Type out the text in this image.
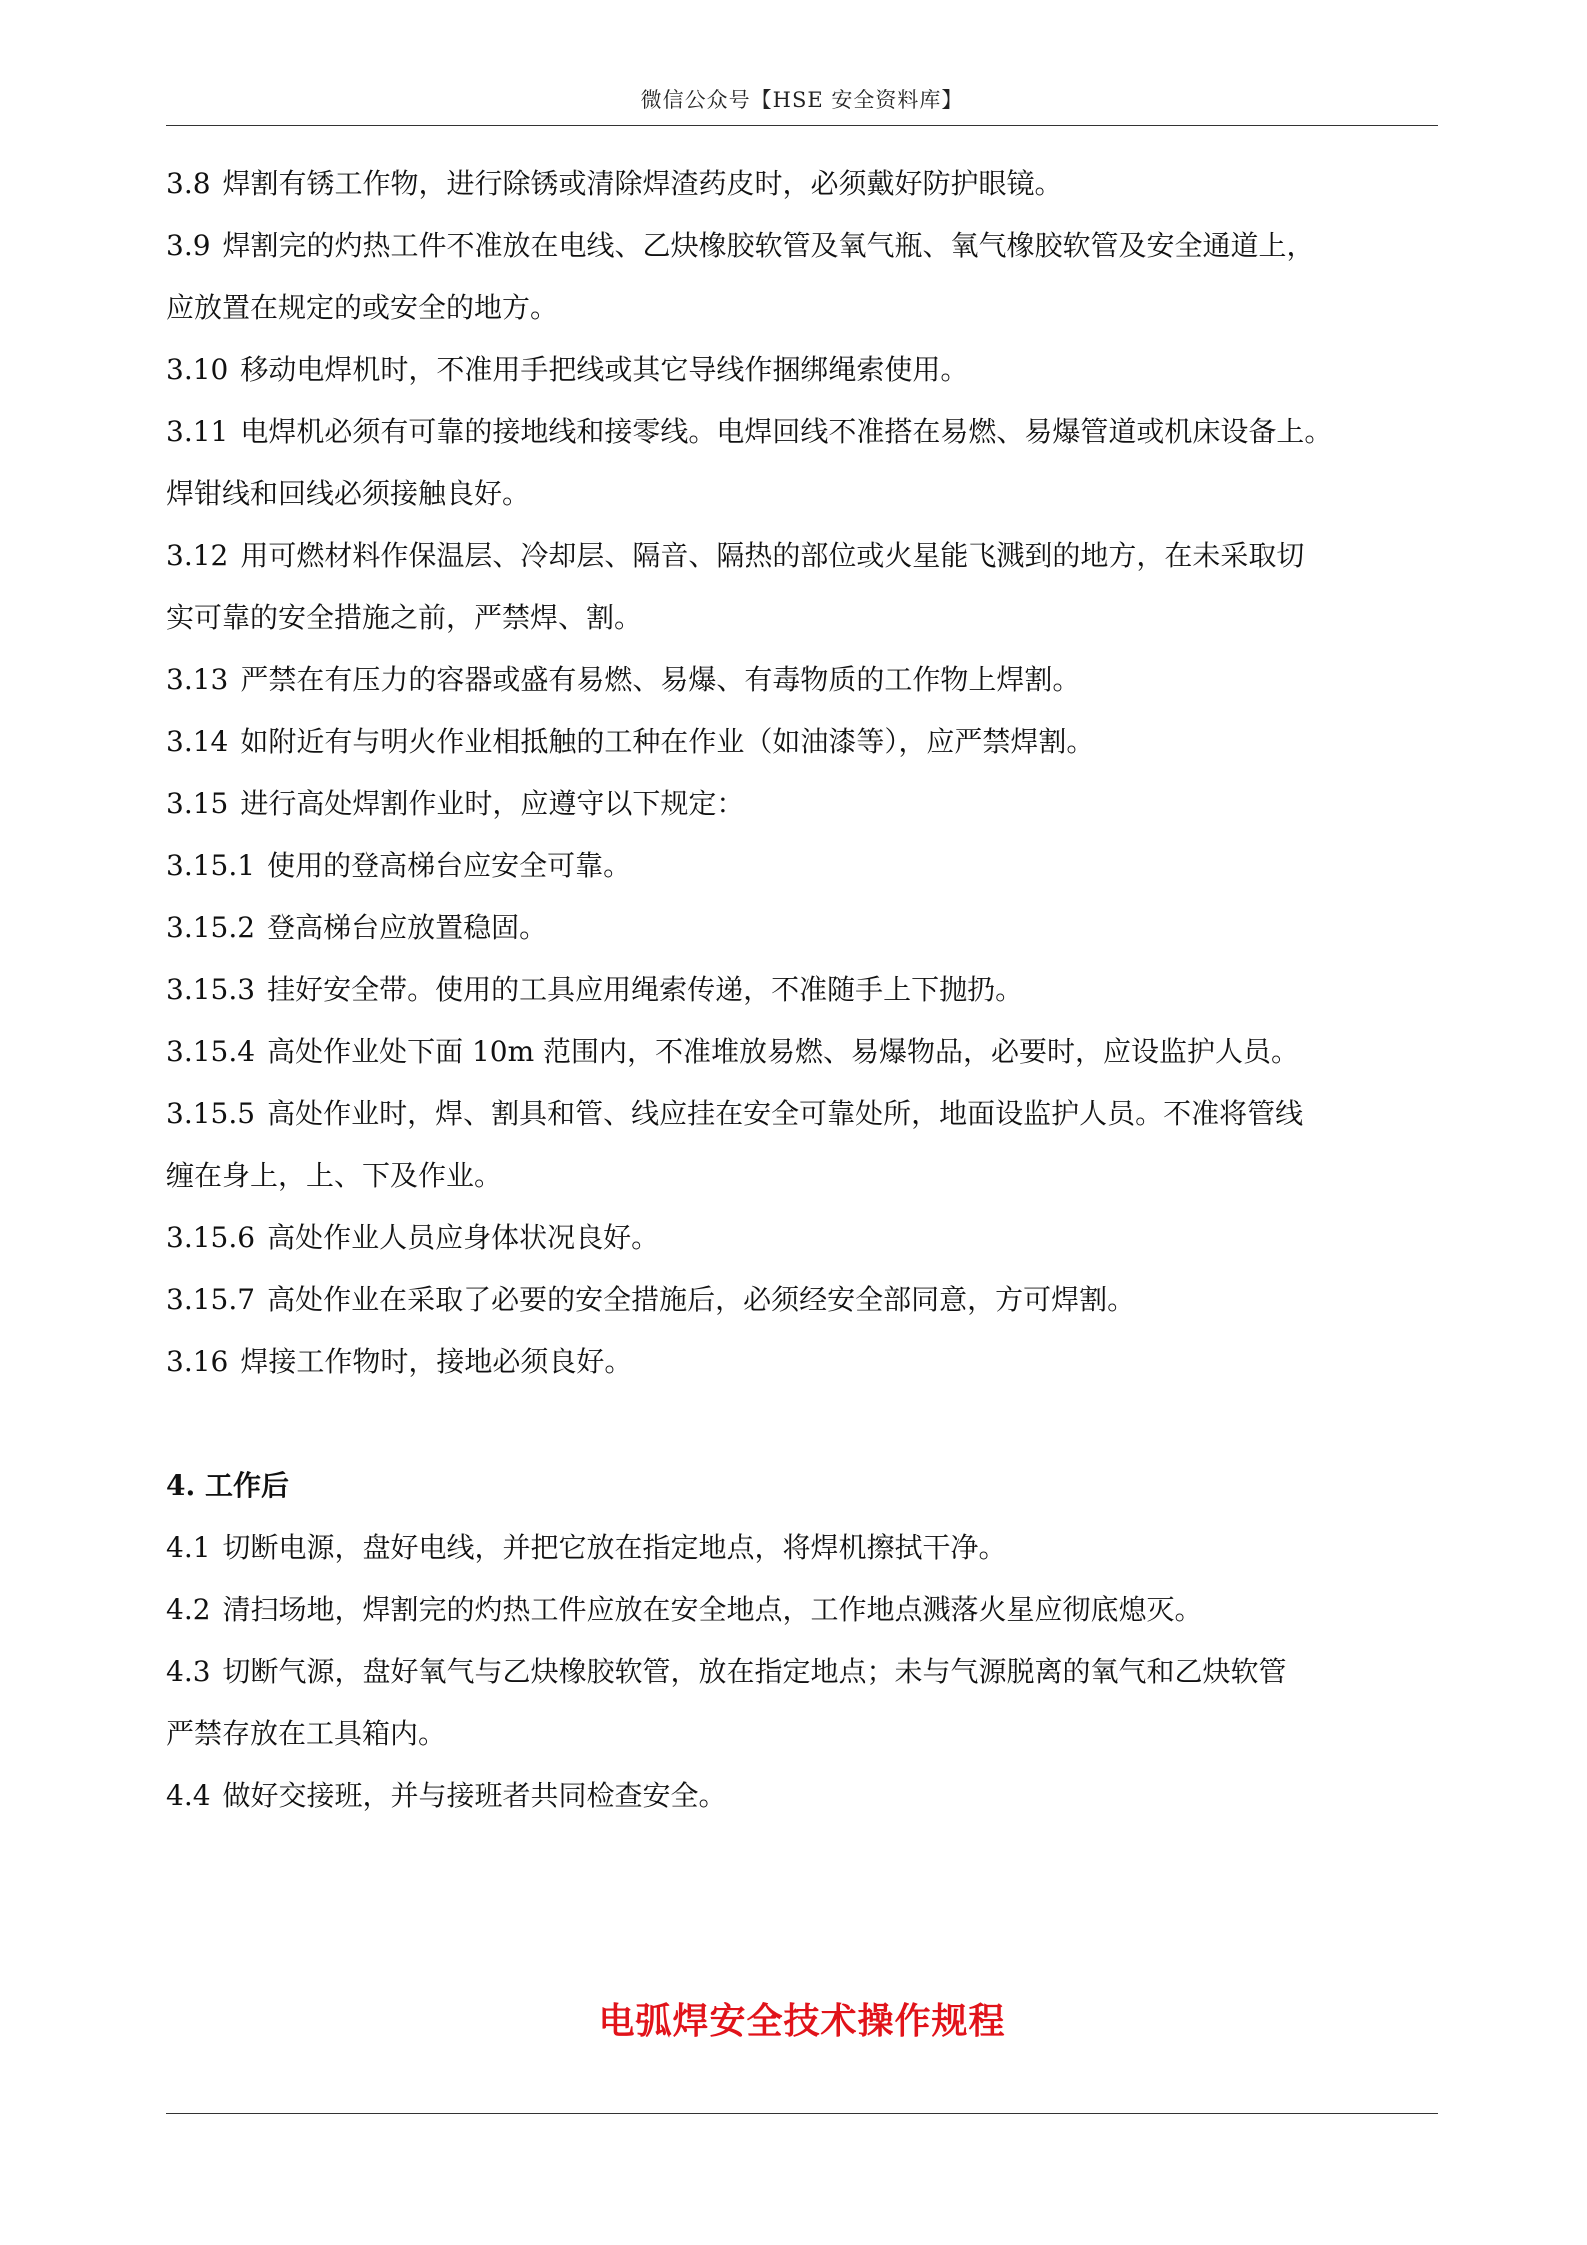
微信公众号【HSE 安全资料库】
3.8 焊割有锈工作物，进行除锈或清除焊渣药皮时，必须戴好防护眼镜。
3.9 焊割完的灼热工件不准放在电线、乙炔橡胶软管及氧气瓶、氧气橡胶软管及安全通道上，
应放置在规定的或安全的地方。
3.10 移动电焊机时，不准用手把线或其它导线作捆绑绳索使用。
3.11 电焊机必须有可靠的接地线和接零线。电焊回线不准搭在易燃、易爆管道或机床设备上。
焊钳线和回线必须接触良好。
3.12 用可燃材料作保温层、冷却层、隔音、隔热的部位或火星能飞溅到的地方，在未采取切
实可靠的安全措施之前，严禁焊、割。
3.13 严禁在有压力的容器或盛有易燃、易爆、有毒物质的工作物上焊割。
3.14 如附近有与明火作业相抵触的工种在作业（如油漆等），应严禁焊割。
3.15 进行高处焊割作业时，应遵守以下规定：
3.15.1 使用的登高梯台应安全可靠。
3.15.2 登高梯台应放置稳固。
3.15.3 挂好安全带。使用的工具应用绳索传递，不准随手上下抛扔。
3.15.4 高处作业处下面 10m 范围内，不准堆放易燃、易爆物品，必要时，应设监护人员。
3.15.5 高处作业时，焊、割具和管、线应挂在安全可靠处所，地面设监护人员。不准将管线
缠在身上，上、下及作业。
3.15.6 高处作业人员应身体状况良好。
3.15.7 高处作业在采取了必要的安全措施后，必须经安全部同意，方可焊割。
3.16 焊接工作物时，接地必须良好。
4. 工作后
4.1 切断电源，盘好电线，并把它放在指定地点，将焊机擦拭干净。
4.2 清扫场地，焊割完的灼热工件应放在安全地点，工作地点溅落火星应彻底熄灭。
4.3 切断气源，盘好氧气与乙炔橡胶软管，放在指定地点；未与气源脱离的氧气和乙炔软管
严禁存放在工具箱内。
4.4 做好交接班，并与接班者共同检查安全。
电弧焊安全技术操作规程
